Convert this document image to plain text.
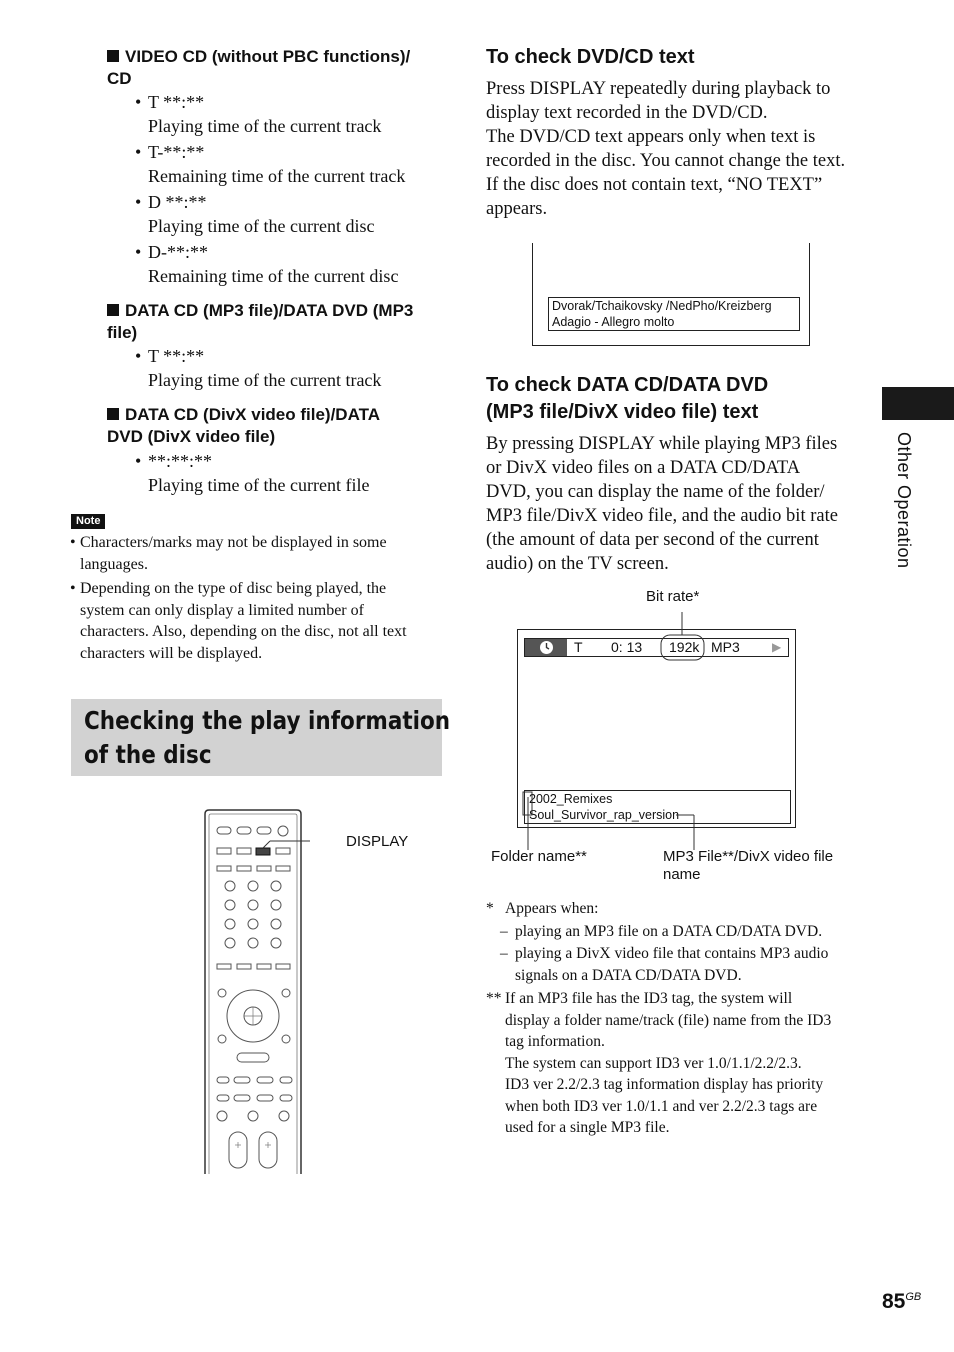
VIDEO CD (without PBC functions)/
CD
• T **:**
Playing time of the current track
• T-**:**
Remaining time of the current track
• D **:**
Playing time of the current disc
• D-**:**
Remaining time of the current disc
DATA CD (MP3 file)/DATA DVD (MP3
file)
• T **:**
Playing time of the current track
DATA CD (DivX video file)/DATA
DVD (DivX video file)
• **:**:**
Playing time of the current file
Note
• Characters/marks may not be displayed in some
languages.
• Depending on the type of disc being played, the
system can only display a limited number of
characters. Also, depending on the disc, not all text
characters will be displayed.
Checking the play information
of the disc
DISPLAY
To check DVD/CD text
Press DISPLAY repeatedly during playback to
display text recorded in the DVD/CD.
The DVD/CD text appears only when text is
recorded in the disc. You cannot change the text.
If the disc does not contain text, “NO TEXT”
appears.
Dvorak/Tchaikovsky /NedPho/Kreizberg
Adagio - Allegro molto
To check DATA CD/DATA DVD
(MP3 file/DivX video file) text
By pressing DISPLAY while playing MP3 files
or DivX video files on a DATA CD/DATA
DVD, you can display the name of the folder/
MP3 file/DivX video file, and the audio bit rate
(the amount of data per second of the current
audio) on the TV screen.
Bit rate*
T 0: 13 192k MP3	▶
2002_Remixes
Soul_Survivor_rap_version
Folder name**	MP3 File**/DivX video file
name
* Appears when:
– playing an MP3 file on a DATA CD/DATA DVD.
– playing a DivX video file that contains MP3 audio
signals on a DATA CD/DATA DVD.
** If an MP3 file has the ID3 tag, the system will
display a folder name/track (file) name from the ID3
tag information.
The system can support ID3 ver 1.0/1.1/2.2/2.3.
ID3 ver 2.2/2.3 tag information display has priority
when both ID3 ver 1.0/1.1 and ver 2.2/2.3 tags are
used for a single MP3 file.
Other Operation
$85^{GB}$
